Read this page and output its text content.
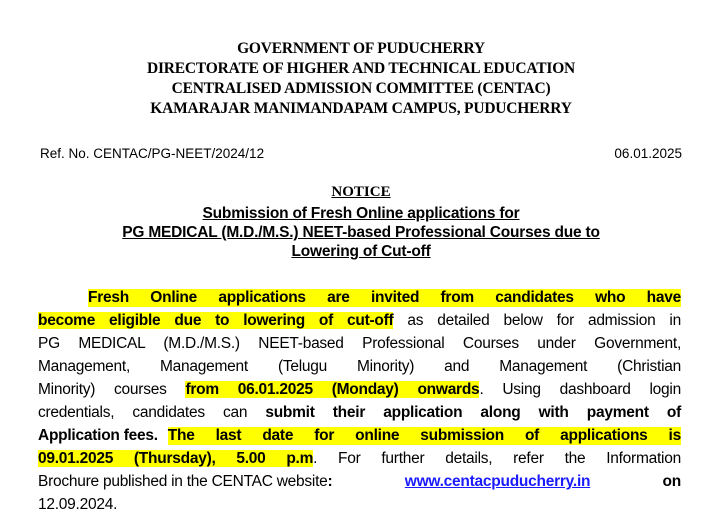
GOVERNMENT OF PUDUCHERRY
DIRECTORATE OF HIGHER AND TECHNICAL EDUCATION
CENTRALISED ADMISSION COMMITTEE (CENTAC)
KAMARAJAR MANIMANDAPAM CAMPUS, PUDUCHERRY
Ref. No. CENTAC/PG-NEET/2024/12	06.01.2025
NOTICE
Submission of Fresh Online applications for
PG MEDICAL (M.D./M.S.) NEET-based Professional Courses due to
Lowering of Cut-off
Fresh Online applications are invited from candidates who have
become eligible due to lowering of cut-off as detailed below for admission in
PG MEDICAL (M.D./M.S.) NEET-based Professional Courses under Government,
Management, Management (Telugu Minority) and Management (Christian
Minority) courses from 06.01.2025 (Monday) onwards. Using dashboard login
credentials, candidates can submit their application along with payment of
Application fees. The last date for online submission of applications is
09.01.2025 (Thursday), 5.00 p.m. For further details, refer the Information
Brochure published in the CENTAC website:	www.centacpuducherry.in	on
12.09.2024.
